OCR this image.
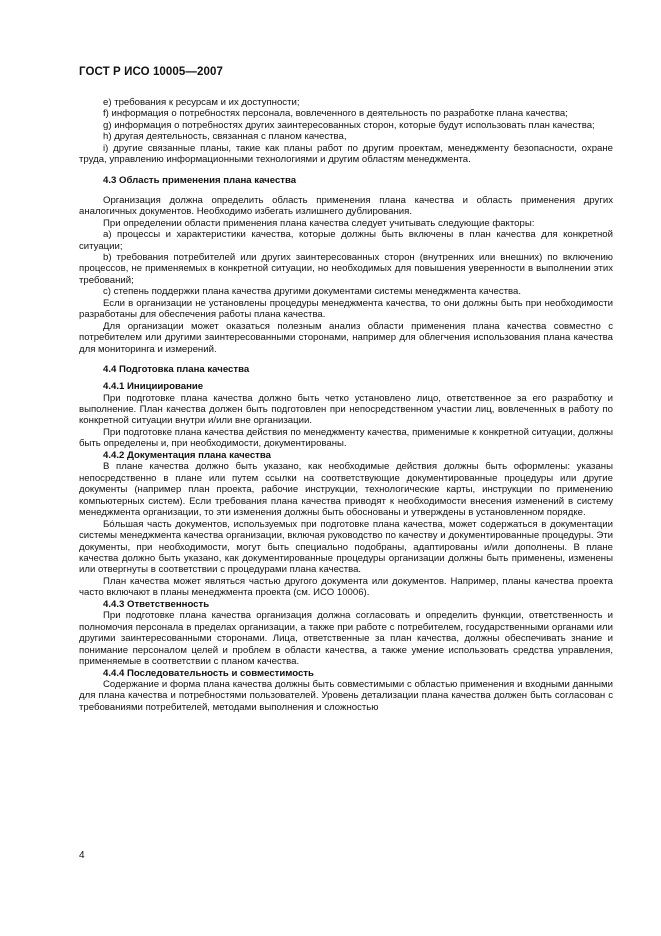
ГОСТ Р ИСО 10005—2007

e) требования к ресурсам и их доступности;

f) информация о потребностях персонала, вовлеченного в деятельность по разработке плана качества;

g) информация о потребностях других заинтересованных сторон, которые будут использовать план качества;

h) другая деятельность, связанная с планом качества,

i) другие связанные планы, такие как планы работ по другим проектам, менеджменту безопасности, охране труда, управлению информационными технологиями и другим областям менеджмента.

4.3 Область применения плана качества

Организация должна определить область применения плана качества и область применения других аналогичных документов. Необходимо избегать излишнего дублирования.

При определении области применения плана качества следует учитывать следующие факторы:

a) процессы и характеристики качества, которые должны быть включены в план качества для конкретной ситуации;

b) требования потребителей или других заинтересованных сторон (внутренних или внешних) по включению процессов, не применяемых в конкретной ситуации, но необходимых для повышения уверенности в выполнении этих требований;

c) степень поддержки плана качества другими документами системы менеджмента качества.

Если в организации не установлены процедуры менеджмента качества, то они должны быть при необходимости разработаны для обеспечения работы плана качества.

Для организации может оказаться полезным анализ области применения плана качества совместно с потребителем или другими заинтересованными сторонами, например для облегчения использования плана качества для мониторинга и измерений.

4.4 Подготовка плана качества
4.4.1 Инициирование

При подготовке плана качества должно быть четко установлено лицо, ответственное за его разработку и выполнение. План качества должен быть подготовлен при непосредственном участии лиц, вовлеченных в работу по конкретной ситуации внутри и/или вне организации.

При подготовке плана качества действия по менеджменту качества, применимые к конкретной ситуации, должны быть определены и, при необходимости, документированы.

4.4.2 Документация плана качества

В плане качества должно быть указано, как необходимые действия должны быть оформлены: указаны непосредственно в плане или путем ссылки на соответствующие документированные процедуры или другие документы (например план проекта, рабочие инструкции, технологические карты, инструкции по применению компьютерных систем). Если требования плана качества приводят к необходимости внесения изменений в систему менеджмента организации, то эти изменения должны быть обоснованы и утверждены в установленном порядке.

Бо́льшая часть документов, используемых при подготовке плана качества, может содержаться в документации системы менеджмента качества организации, включая руководство по качеству и документированные процедуры. Эти документы, при необходимости, могут быть специально подобраны, адаптированы и/или дополнены. В плане качества должно быть указано, как документированные процедуры организации должны быть применены, изменены или отвергнуты в соответствии с процедурами плана качества.

План качества может являться частью другого документа или документов. Например, планы качества проекта часто включают в планы менеджмента проекта (см. ИСО 10006).

4.4.3 Ответственность

При подготовке плана качества организация должна согласовать и определить функции, ответственность и полномочия персонала в пределах организации, а также при работе с потребителем, государственными органами или другими заинтересованными сторонами. Лица, ответственные за план качества, должны обеспечивать знание и понимание персоналом целей и проблем в области качества, а также умение использовать средства управления, применяемые в соответствии с планом качества.

4.4.4 Последовательность и совместимость

Содержание и форма плана качества должны быть совместимыми с областью применения и входными данными для плана качества и потребностями пользователей. Уровень детализации плана качества должен быть согласован с требованиями потребителей, методами выполнения и сложностью

4
